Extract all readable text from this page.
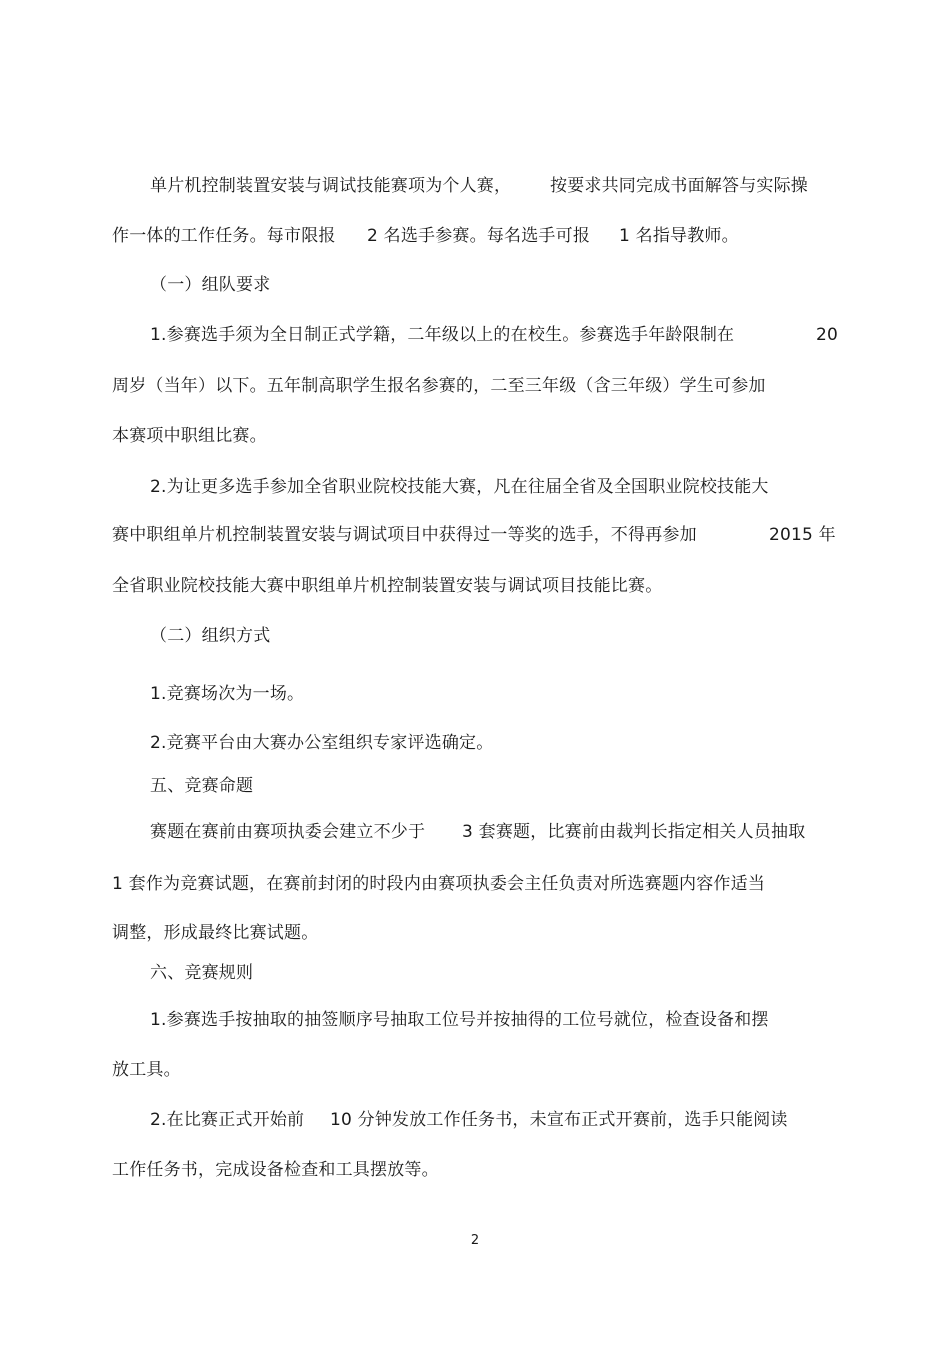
单片机控制装置安装与调试技能赛项为个人赛， 按要求共同完成书面解答与实际操
作一体的工作任务。每市限报 2 名选手参赛。每名选手可报 1 名指导教师。
（一）组队要求
1.参赛选手须为全日制正式学籍，二年级以上的在校生。参赛选手年龄限制在	20
周岁（当年）以下。五年制高职学生报名参赛的，二至三年级（含三年级）学生可参加
本赛项中职组比赛。
2.为让更多选手参加全省职业院校技能大赛，凡在往届全省及全国职业院校技能大
赛中职组单片机控制装置安装与调试项目中获得过一等奖的选手，不得再参加	2015 年
全省职业院校技能大赛中职组单片机控制装置安装与调试项目技能比赛。
（二）组织方式
1.竞赛场次为一场。
2.竞赛平台由大赛办公室组织专家评选确定。
五、竞赛命题
赛题在赛前由赛项执委会建立不少于 3 套赛题，比赛前由裁判长指定相关人员抽取
1 套作为竞赛试题，在赛前封闭的时段内由赛项执委会主任负责对所选赛题内容作适当
调整，形成最终比赛试题。
六、竞赛规则
1.参赛选手按抽取的抽签顺序号抽取工位号并按抽得的工位号就位，检查设备和摆
放工具。
2.在比赛正式开始前 10 分钟发放工作任务书，未宣布正式开赛前，选手只能阅读
工作任务书，完成设备检查和工具摆放等。
2
